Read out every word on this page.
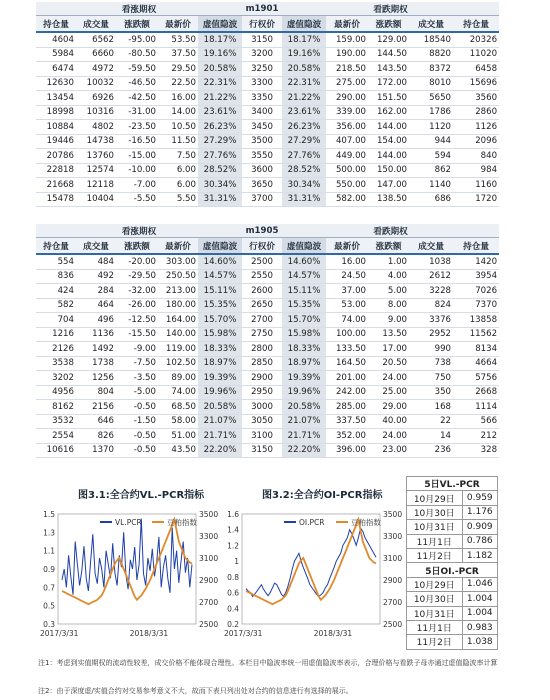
看涨期权					m1901	看跌期权				
持仓量	成交量	涨跌额	最新价	虚值隐波	行权价	虚值隐波	最新价	涨跌额	成交量	持仓量
4604	6562	-95.00	53.50	18.17%	3150	18.17%	159.00	129.00	18540	20326
5984	6660	-80.50	37.50	19.16%	3200	19.16%	190.00	144.50	8820	11020
6474	4972	-59.50	29.50	20.58%	3250	20.58%	218.50	143.50	8372	6458
12630	10032	-46.50	22.50	22.31%	3300	22.31%	275.00	172.00	8010	15696
13454	6926	-42.50	16.00	21.22%	3350	21.22%	290.00	151.50	5650	3560
18998	10316	-31.00	14.00	23.61%	3400	23.61%	339.00	162.00	1786	2860
10884	4802	-23.50	10.50	26.23%	3450	26.23%	356.00	144.00	1120	1126
19446	14738	-16.50	11.50	27.29%	3500	27.29%	407.00	154.00	944	2096
20786	13760	-15.00	7.50	27.76%	3550	27.76%	449.00	144.00	594	840
22818	12574	-10.00	6.00	28.52%	3600	28.52%	500.00	150.00	862	984
21668	12118	-7.00	6.00	30.34%	3650	30.34%	550.00	147.00	1140	1160
15478	10404	-5.50	5.50	31.31%	3700	31.31%	582.00	138.50	686	1720
看涨期权					m1905	看跌期权				
持仓量	成交量	涨跌额	最新价	虚值隐波	行权价	虚值隐波	最新价	涨跌额	成交量	持仓量
554	484	-20.00	303.00	14.60%	2500	14.60%	16.00	1.00	1038	1420
836	492	-29.50	250.50	14.57%	2550	14.57%	24.50	4.00	2612	3954
424	284	-32.00	213.00	15.11%	2600	15.11%	37.00	5.00	3228	7026
582	464	-26.00	180.00	15.35%	2650	15.35%	53.00	8.00	824	7370
704	496	-12.50	164.00	15.70%	2700	15.70%	74.00	9.00	3376	13858
1216	1136	-15.50	140.00	15.98%	2750	15.98%	100.00	13.50	2952	11562
2126	1492	-9.00	119.00	18.33%	2800	18.33%	133.50	17.00	990	8134
3538	1738	-7.50	102.50	18.97%	2850	18.97%	164.50	20.50	738	4664
3202	1256	-3.50	89.00	19.39%	2900	19.39%	201.00	24.00	750	5756
4956	804	-5.00	74.00	19.96%	2950	19.96%	242.00	25.00	350	2668
8162	2156	-0.50	68.50	20.58%	3000	20.58%	285.00	29.00	168	1114
3532	646	-1.50	58.00	21.07%	3050	21.07%	337.50	40.00	22	566
2554	826	-0.50	51.00	21.71%	3100	21.71%	352.00	24.00	14	212
10616	1370	-0.50	43.50	22.20%	3150	22.20%	396.00	23.00	236	328
图3.1:全合约VL.-PCR指标	图3.2:全合约OI-PCR指标
1.5
1.3
1.1
0.9
0.7
0.5
0.3
3500
3300
3100
2900
2700
2500
2017/3/31	2018/3/31
VL.PCR	豆粕指数
1.6
1.4
1.2
1
0.8
0.6
0.4
0.2
3500
3300
3100
2900
2700
2500
2017/3/31	2018/3/31
OI.PCR	豆粕指数
5日VL.-PCR	
10月29日	0.959
10月30日	1.176
10月31日	0.909
11月1日	0.786
11月2日	1.182
5日OI.-PCR	
10月29日	1.046
10月30日	1.004
10月31日	1.004
11月1日	0.983
11月2日	1.038
注1：考虑到实值期权的流动性较差，成交价格不能体现合理性。本栏目中隐波率统一用虚值隐波率表示，合理价格与看跌子母亦通过虚值隐波率计算
注2：由于深度虚/实值合约对交易参考意义不大，故而下表只列出处对合约的信息进行有选择的展示。
